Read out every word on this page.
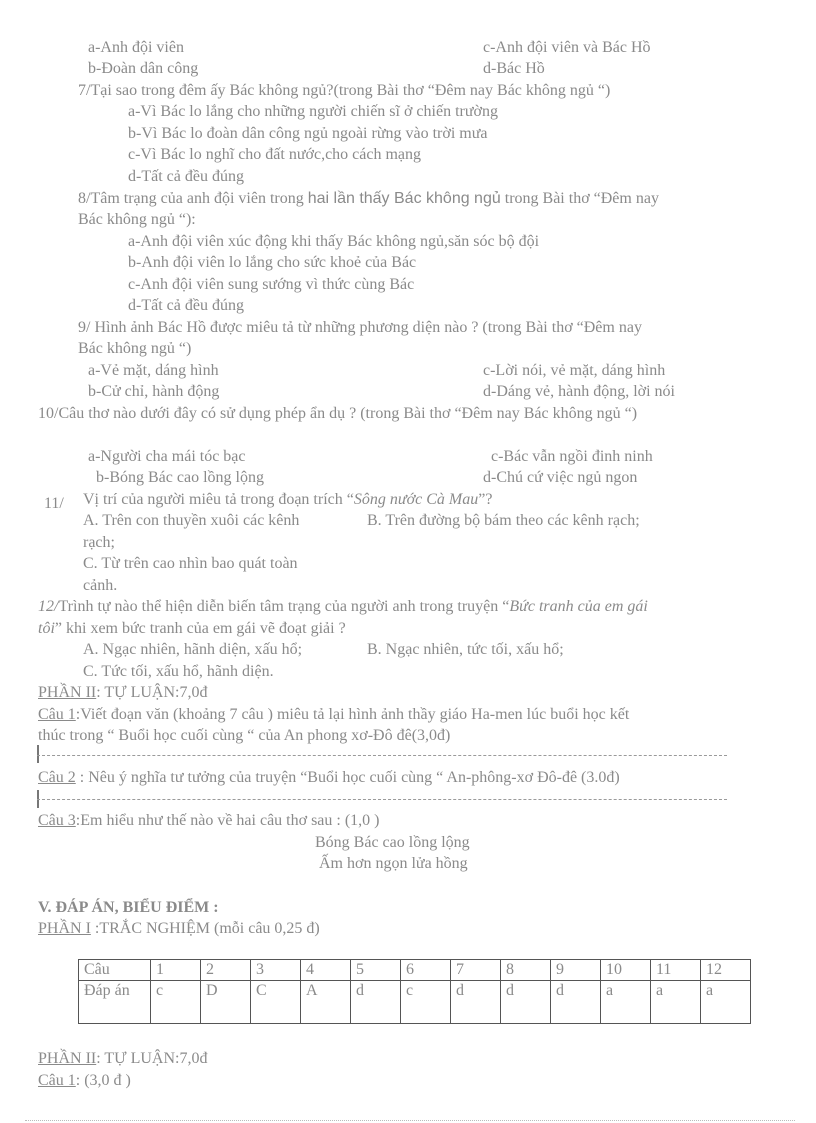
a-Anh đội viên	c-Anh đội viên và Bác Hồ
b-Đoàn dân công	d-Bác Hồ
7/Tại sao trong đêm ấy Bác không ngủ?(trong Bài thơ “Đêm nay Bác không ngủ “)
a-Vì Bác lo lắng cho những người chiến sĩ ở chiến trường
b-Vì Bác lo đoàn dân công ngủ ngoài rừng vào trời mưa
c-Vì Bác lo nghĩ cho đất nước,cho cách mạng
d-Tất cả đều đúng
8/Tâm trạng của anh đội viên trong hai lần thấy Bác không ngủ trong Bài thơ “Đêm nay
Bác không ngủ “):
a-Anh đội viên xúc động khi thấy Bác không ngủ,săn sóc bộ đội
b-Anh đội viên lo lắng cho sức khoẻ của Bác
c-Anh đội viên sung sướng vì thức cùng Bác
d-Tất cả đều đúng
9/ Hình ảnh Bác Hồ được miêu tả từ những phương diện nào ? (trong Bài thơ “Đêm nay
Bác không ngủ “)
a-Vẻ mặt, dáng hình	c-Lời nói, vẻ mặt, dáng hình
b-Cử chỉ, hành động	d-Dáng vẻ, hành động, lời nói
10/Câu thơ nào dưới đây có sử dụng phép ẩn dụ ? (trong Bài thơ “Đêm nay Bác không ngủ “)
a-Người cha mái tóc bạc	c-Bác vẫn ngồi đinh ninh
b-Bóng Bác cao lồng lộng	d-Chú cứ việc ngủ ngon
11/ Vị trí của người miêu tả trong đoạn trích “Sông nước Cà Mau”?
A. Trên con thuyền xuôi các kênh	B. Trên đường bộ bám theo các kênh rạch;
rạch;
C. Từ trên cao nhìn bao quát toàn
cảnh.
12/Trình tự nào thể hiện diễn biến tâm trạng của người anh trong truyện “Bức tranh của em gái
tôi” khi xem bức tranh của em gái vẽ đoạt giải ?
A. Ngạc nhiên, hãnh diện, xấu hổ;	B. Ngạc nhiên, tức tối, xấu hổ;
C. Tức tối, xấu hổ, hãnh diện.
PHẦN II: TỰ LUẬN:7,0đ
Câu 1:Viết đoạn văn (khoảng 7 câu ) miêu tả lại hình ảnh thầy giáo Ha-men lúc buổi học kết
thúc trong “ Buổi học cuối cùng “ của An phong xơ-Đô đê(3,0đ)
Câu 2 : Nêu ý nghĩa tư tưởng của truyện “Buổi học cuối cùng “ An-phông-xơ Đô-đê (3.0đ)
Câu 3:Em hiểu như thế nào về hai câu thơ sau : (1,0 )
Bóng Bác cao lồng lộng
Ấm hơn ngọn lửa hồng
V. ĐÁP ÁN, BIỂU ĐIỂM :
PHẦN I :TRẮC NGHIỆM (mỗi câu 0,25 đ)
Câu	1	2	3	4	5	6	7	8	9	10	11	12
Đáp án	c	D	C	A	d	c	d	d	d	a	a	a
PHẦN II: TỰ LUẬN:7,0đ
Câu 1: (3,0 đ )
